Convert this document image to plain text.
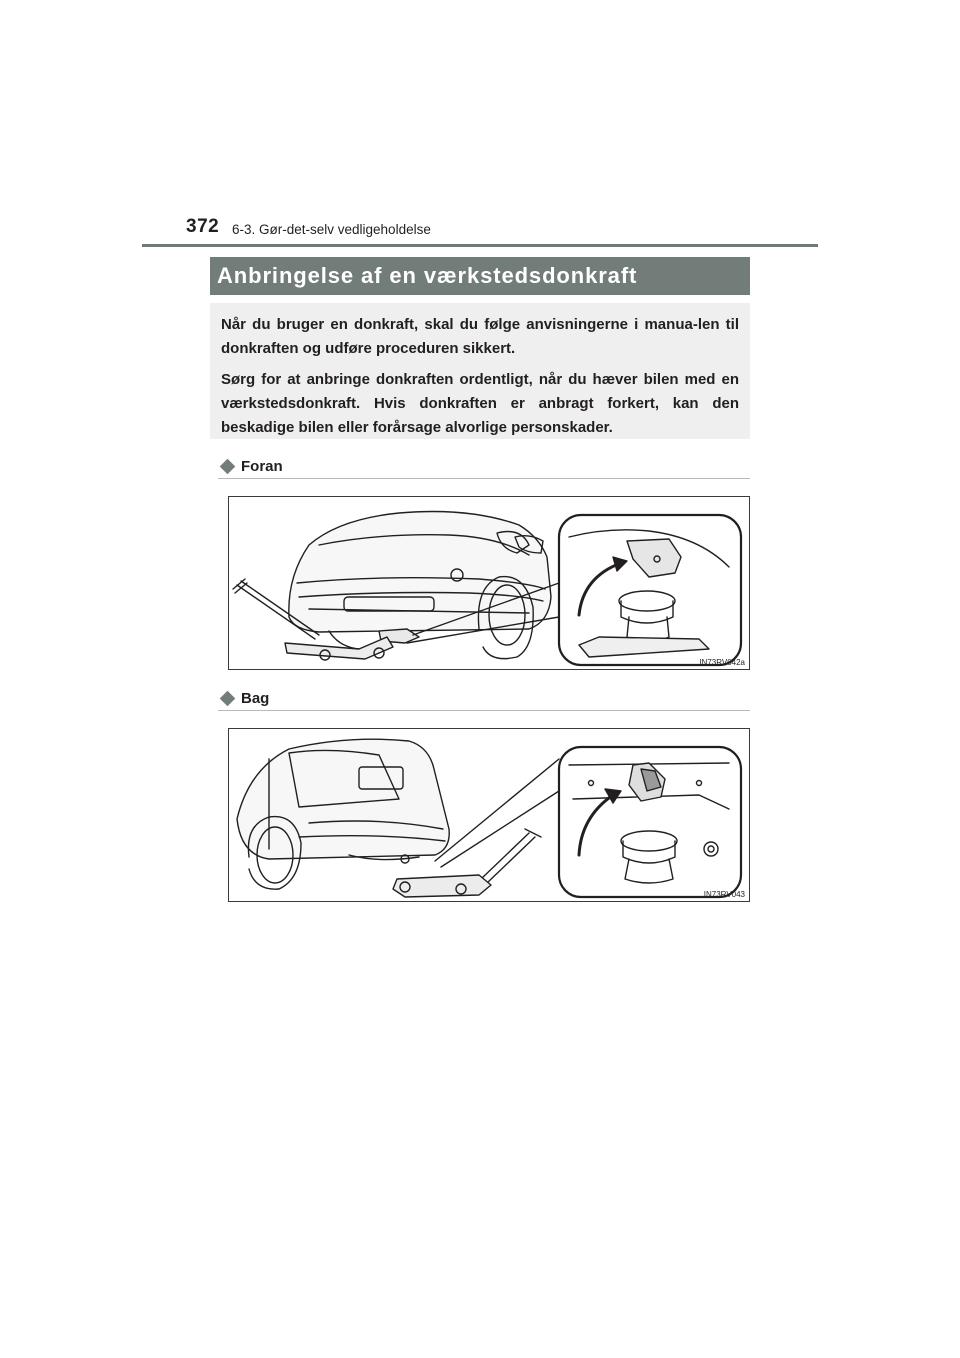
372 6-3. Gør-det-selv vedligeholdelse
Anbringelse af en værkstedsdonkraft

Når du bruger en donkraft, skal du følge anvisningerne i manua-len til donkraften og udføre proceduren sikkert.

Sørg for at anbringe donkraften ordentligt, når du hæver bilen med en værkstedsdonkraft. Hvis donkraften er anbragt forkert, kan den beskadige bilen eller forårsage alvorlige personskader.

Foran
IN73RV042a
Bag
IN73RV043
